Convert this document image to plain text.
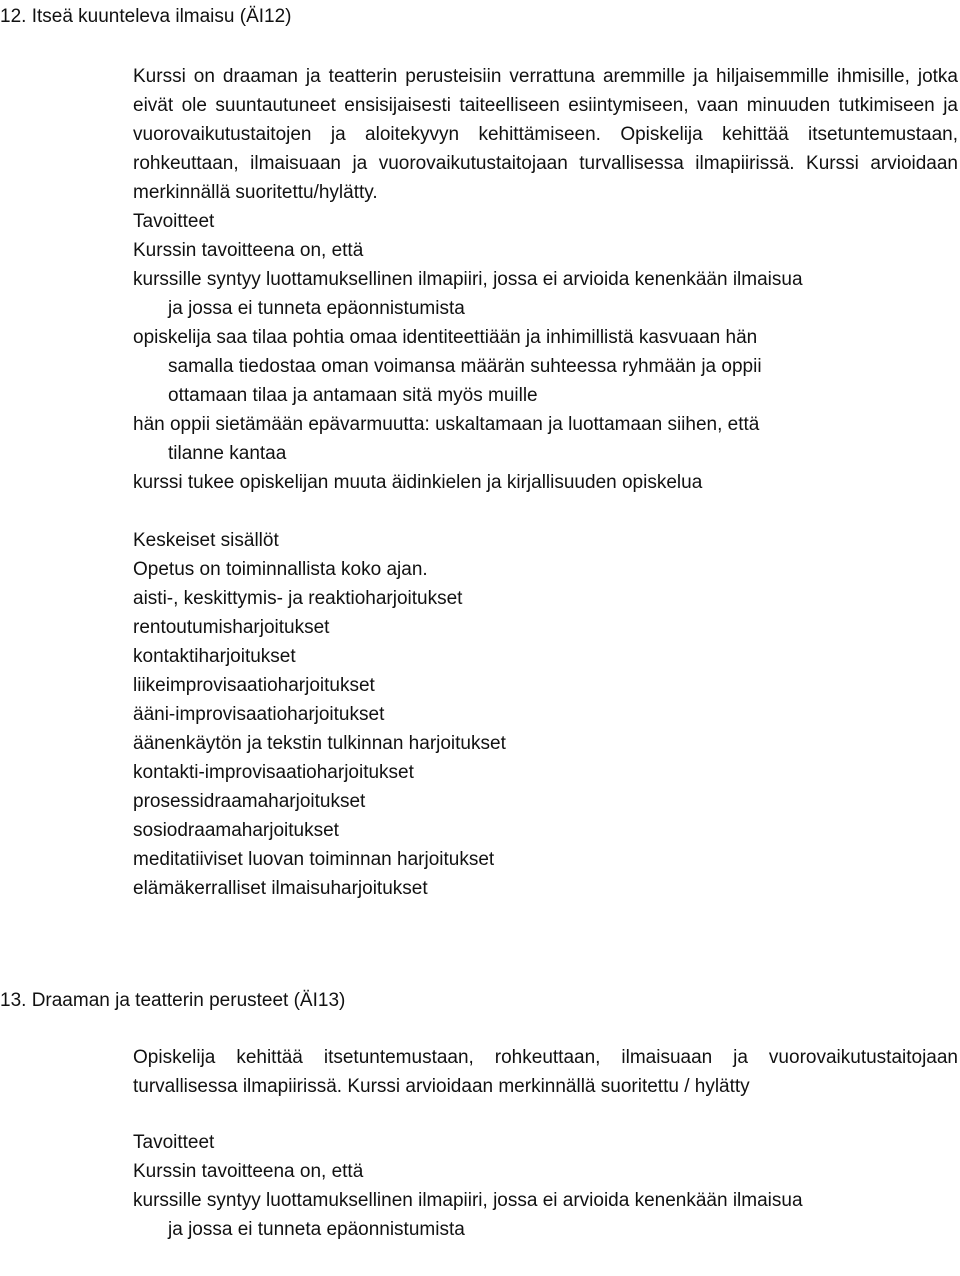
12. Itseä kuunteleva ilmaisu (ÄI12)

Kurssi on draaman ja teatterin perusteisiin verrattuna aremmille ja hiljaisemmille ihmisille, jotka eivät ole suuntautuneet ensisijaisesti taiteelliseen esiintymiseen, vaan minuuden tutkimiseen ja vuorovaikutustaitojen ja aloitekyvyn kehittämiseen. Opiskelija kehittää itsetuntemustaan, rohkeuttaan, ilmaisuaan ja vuorovaikutustaitojaan turvallisessa ilmapiirissä. Kurssi arvioidaan merkinnällä suoritettu/hylätty.

Tavoitteet
Kurssin tavoitteena on, että
kurssille syntyy luottamuksellinen ilmapiiri, jossa ei arvioida kenenkään ilmaisua
ja jossa ei tunneta epäonnistumista
opiskelija saa tilaa pohtia omaa identiteettiään ja inhimillistä kasvuaan hän
samalla tiedostaa oman voimansa määrän suhteessa ryhmään ja oppii
ottamaan tilaa ja antamaan sitä myös muille
hän oppii sietämään epävarmuutta: uskaltamaan ja luottamaan siihen, että
tilanne kantaa
kurssi tukee opiskelijan muuta äidinkielen ja kirjallisuuden opiskelua
Keskeiset sisällöt
Opetus on toiminnallista koko ajan.
aisti-, keskittymis- ja reaktioharjoitukset
rentoutumisharjoitukset
kontaktiharjoitukset
liikeimprovisaatioharjoitukset
ääni-improvisaatioharjoitukset
äänenkäytön ja tekstin tulkinnan harjoitukset
kontakti-improvisaatioharjoitukset
prosessidraamaharjoitukset
sosiodraamaharjoitukset
meditatiiviset luovan toiminnan harjoitukset
elämäkerralliset ilmaisuharjoitukset
13. Draaman ja teatterin perusteet (ÄI13)

Opiskelija kehittää itsetuntemustaan, rohkeuttaan, ilmaisuaan ja vuorovaikutustaitojaan turvallisessa ilmapiirissä. Kurssi arvioidaan merkinnällä suoritettu / hylätty

Tavoitteet
Kurssin tavoitteena on, että
kurssille syntyy luottamuksellinen ilmapiiri, jossa ei arvioida kenenkään ilmaisua
ja jossa ei tunneta epäonnistumista
